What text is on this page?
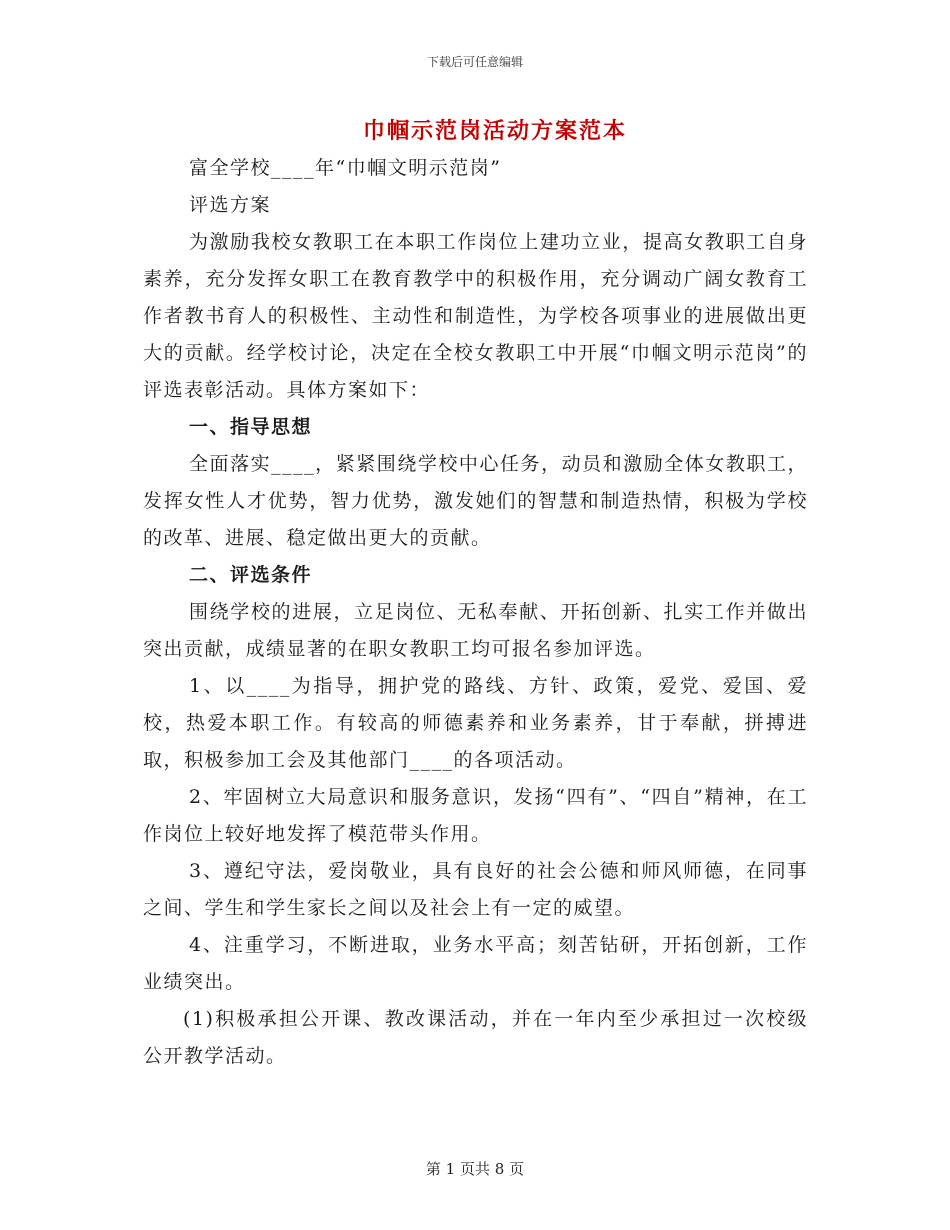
下载后可任意编辑
巾帼示范岗活动方案范本

富全学校____年“巾帼文明示范岗”

评选方案

为激励我校女教职工在本职工作岗位上建功立业，提高女教职工自身素养，充分发挥女职工在教育教学中的积极作用，充分调动广阔女教育工作者教书育人的积极性、主动性和制造性，为学校各项事业的进展做出更大的贡献。经学校讨论，决定在全校女教职工中开展“巾帼文明示范岗”的评选表彰活动。具体方案如下：

一、指导思想

全面落实____，紧紧围绕学校中心任务，动员和激励全体女教职工，发挥女性人才优势，智力优势，激发她们的智慧和制造热情，积极为学校的改革、进展、稳定做出更大的贡献。

二、评选条件

围绕学校的进展，立足岗位、无私奉献、开拓创新、扎实工作并做出突出贡献，成绩显著的在职女教职工均可报名参加评选。

1、以____为指导，拥护党的路线、方针、政策，爱党、爱国、爱校，热爱本职工作。有较高的师德素养和业务素养，甘于奉献，拼搏进取，积极参加工会及其他部门____的各项活动。

2、牢固树立大局意识和服务意识，发扬“四有”、“四自”精神，在工作岗位上较好地发挥了模范带头作用。

3、遵纪守法，爱岗敬业，具有良好的社会公德和师风师德，在同事之间、学生和学生家长之间以及社会上有一定的威望。

4、注重学习，不断进取，业务水平高；刻苦钻研，开拓创新，工作业绩突出。

(1)积极承担公开课、教改课活动，并在一年内至少承担过一次校级公开教学活动。

第 1 页共 8 页
